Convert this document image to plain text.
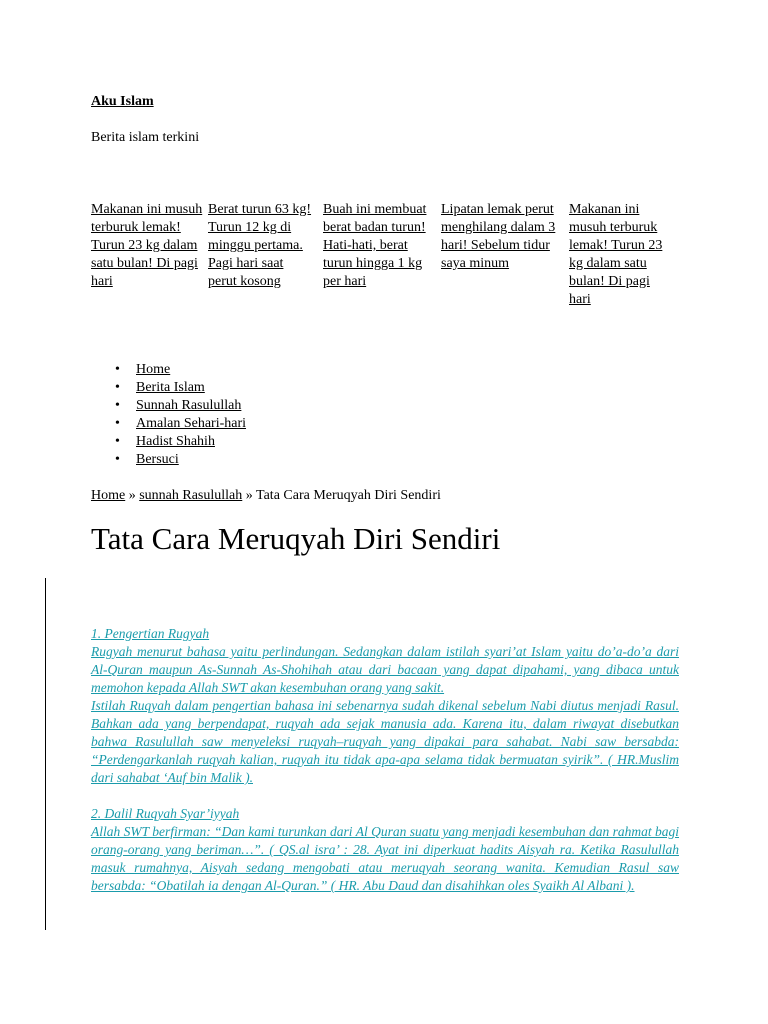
Aku Islam
Berita islam terkini
Makanan ini musuh terburuk lemak! Turun 23 kg dalam satu bulan! Di pagi hari
Berat turun 63 kg! Turun 12 kg di minggu pertama. Pagi hari saat perut kosong
Buah ini membuat berat badan turun! Hati-hati, berat turun hingga 1 kg per hari
Lipatan lemak perut menghilang dalam 3 hari! Sebelum tidur saya minum
Makanan ini musuh terburuk lemak! Turun 23 kg dalam satu bulan! Di pagi hari
• Home
• Berita Islam
• Sunnah Rasulullah
• Amalan Sehari-hari
• Hadist Shahih
• Bersuci
Home » sunnah Rasulullah » Tata Cara Meruqyah Diri Sendiri
Tata Cara Meruqyah Diri Sendiri

1. Pengertian Rugyah

Rugyah menurut bahasa yaitu perlindungan. Sedangkan dalam istilah syari’at Islam yaitu do’a-do’a dari Al-Quran maupun As-Sunnah As-Shohihah atau dari bacaan yang dapat dipahami, yang dibaca untuk memohon kepada Allah SWT akan kesembuhan orang yang sakit.

Istilah Ruqyah dalam pengertian bahasa ini sebenarnya sudah dikenal sebelum Nabi diutus menjadi Rasul. Bahkan ada yang berpendapat, ruqyah ada sejak manusia ada. Karena itu, dalam riwayat disebutkan bahwa Rasulullah saw menyeleksi ruqyah–ruqyah yang dipakai para sahabat. Nabi saw bersabda: “Perdengarkanlah ruqyah kalian, ruqyah itu tidak apa-apa selama tidak bermuatan syirik”. ( HR.Muslim dari sahabat ‘Auf bin Malik ).

2. Dalil Ruqyah Syar’iyyah

Allah SWT berfirman: “Dan kami turunkan dari Al Quran suatu yang menjadi kesembuhan dan rahmat bagi orang-orang yang beriman…”. ( QS.al isra’ : 28. Ayat ini diperkuat hadits Aisyah ra. Ketika Rasulullah masuk rumahnya, Aisyah sedang mengobati atau meruqyah seorang wanita. Kemudian Rasul saw bersabda: “Obatilah ia dengan Al-Quran.” ( HR. Abu Daud dan disahihkan oles Syaikh Al Albani ).
